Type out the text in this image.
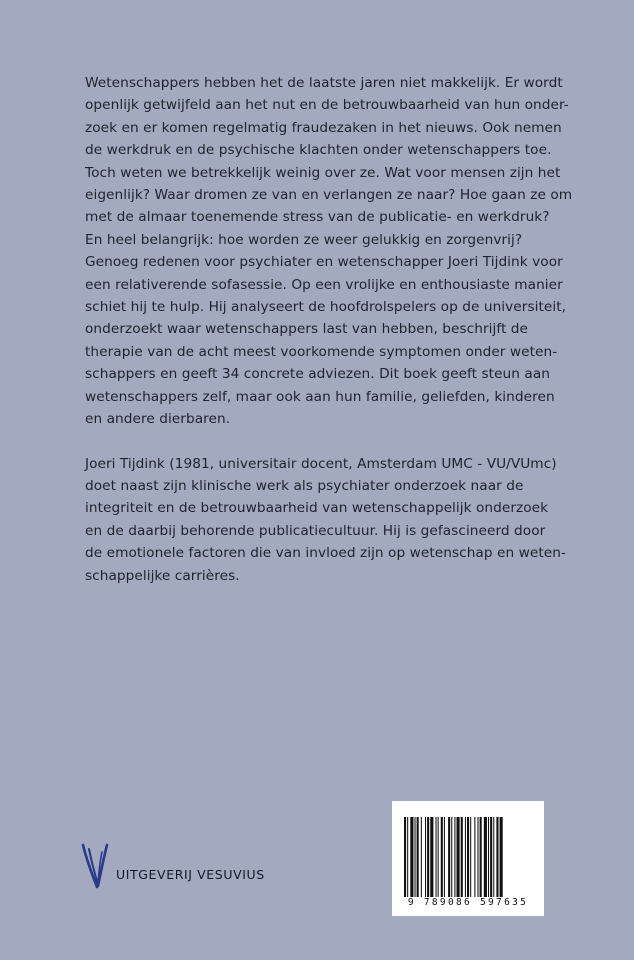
Wetenschappers hebben het de laatste jaren niet makkelijk. Er wordt
openlijk getwijfeld aan het nut en de betrouwbaarheid van hun onder-
zoek en er komen regelmatig fraudezaken in het nieuws. Ook nemen
de werkdruk en de psychische klachten onder wetenschappers toe.
Toch weten we betrekkelijk weinig over ze. Wat voor mensen zijn het
eigenlijk? Waar dromen ze van en verlangen ze naar? Hoe gaan ze om
met de almaar toenemende stress van de publicatie- en werkdruk?
En heel belangrijk: hoe worden ze weer gelukkig en zorgenvrij?
Genoeg redenen voor psychiater en wetenschapper Joeri Tijdink voor
een relativerende sofasessie. Op een vrolijke en enthousiaste manier
schiet hij te hulp. Hij analyseert de hoofdrolspelers op de universiteit,
onderzoekt waar wetenschappers last van hebben, beschrijft de
therapie van de acht meest voorkomende symptomen onder weten-
schappers en geeft 34 concrete adviezen. Dit boek geeft steun aan
wetenschappers zelf, maar ook aan hun familie, geliefden, kinderen
en andere dierbaren.

Joeri Tijdink (1981, universitair docent, Amsterdam UMC - VU/VUmc)
doet naast zijn klinische werk als psychiater onderzoek naar de
integriteit en de betrouwbaarheid van wetenschappelijk onderzoek
en de daarbij behorende publicatiecultuur. Hij is gefascineerd door
de emotionele factoren die van invloed zijn op wetenschap en weten-
schappelijke carrières.

UITGEVERIJ VESUVIUS
9 789086 597635
